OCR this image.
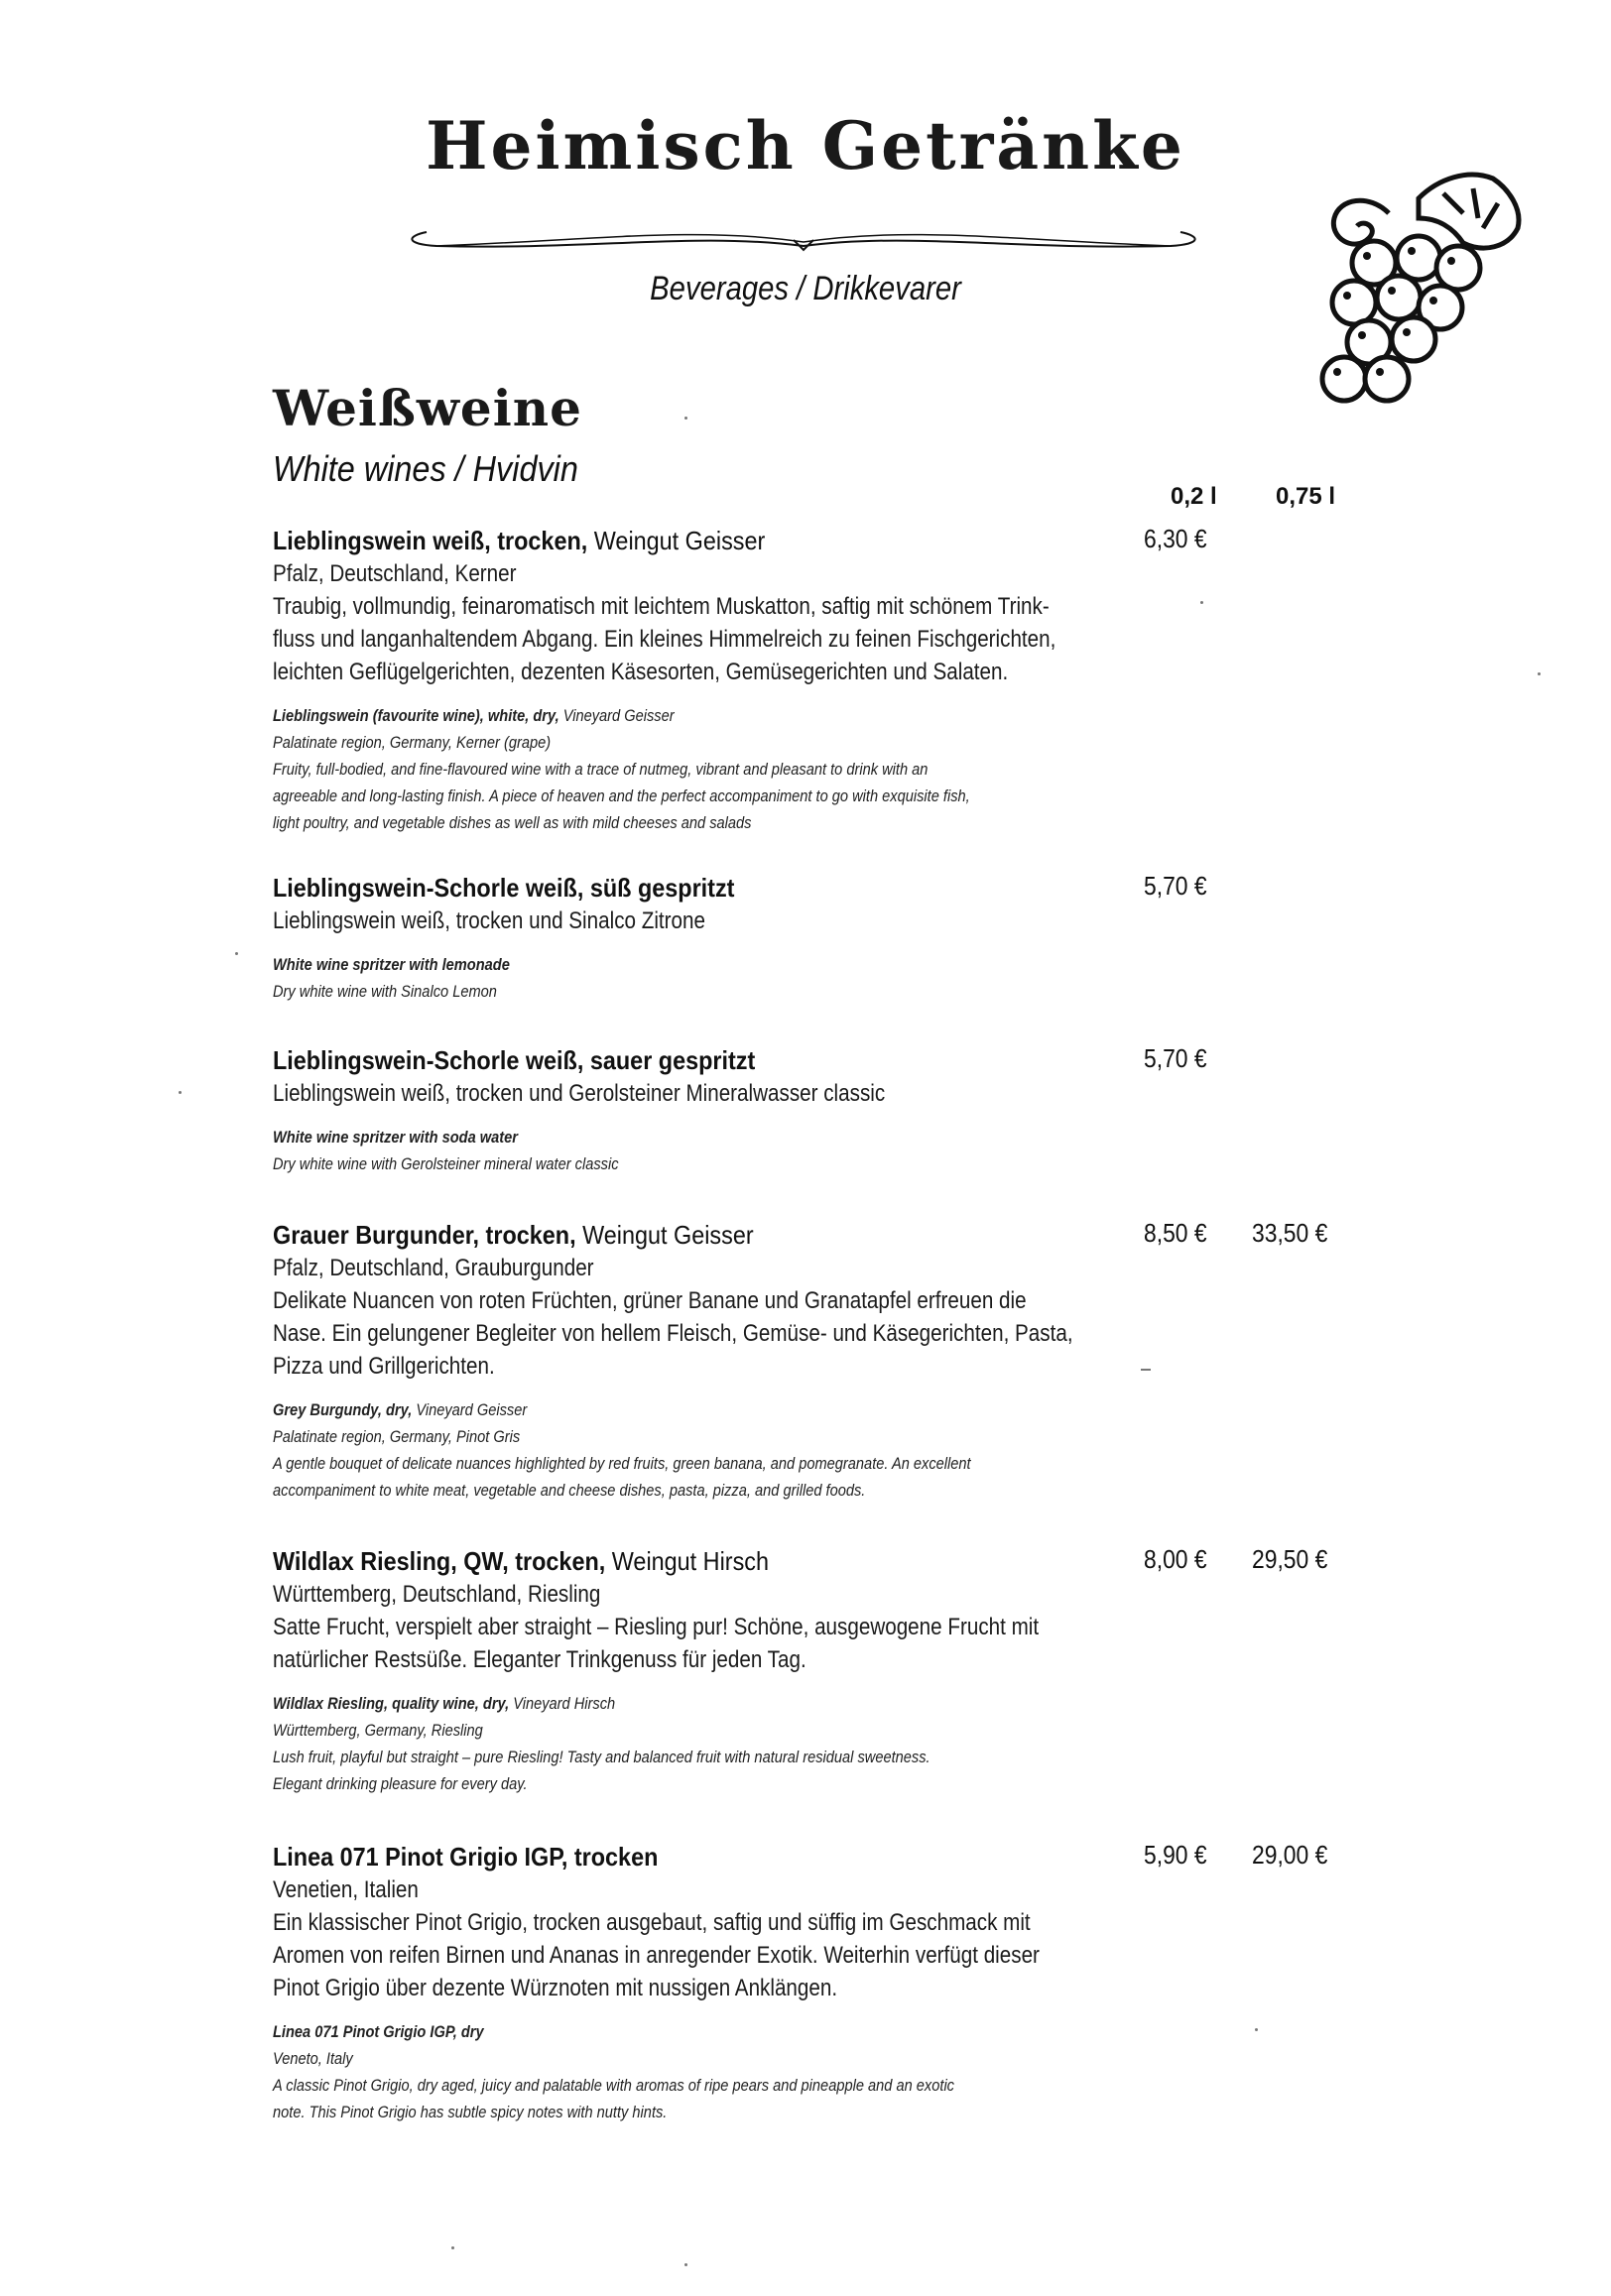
Heimisch Getränke
Beverages / Drikkevarer
Weißweine
White wines / Hvidvin
0,2 l 0,75 l
Lieblingswein weiß, trocken, Weingut Geisser
Pfalz, Deutschland, Kerner
Traubig, vollmundig, feinaromatisch mit leichtem Muskatton, saftig mit schönem Trink-
fluss und langanhaltendem Abgang. Ein kleines Himmelreich zu feinen Fischgerichten,
leichten Geflügelgerichten, dezenten Käsesorten, Gemüsegerichten und Salaten.
Lieblingswein (favourite wine), white, dry, Vineyard Geisser
Palatinate region, Germany, Kerner (grape)
Fruity, full-bodied, and fine-flavoured wine with a trace of nutmeg, vibrant and pleasant to drink with an
agreeable and long-lasting finish. A piece of heaven and the perfect accompaniment to go with exquisite fish,
light poultry, and vegetable dishes as well as with mild cheeses and salads
6,30 €
Lieblingswein-Schorle weiß, süß gespritzt
Lieblingswein weiß, trocken und Sinalco Zitrone
White wine spritzer with lemonade
Dry white wine with Sinalco Lemon
5,70 €
Lieblingswein-Schorle weiß, sauer gespritzt
Lieblingswein weiß, trocken und Gerolsteiner Mineralwasser classic
White wine spritzer with soda water
Dry white wine with Gerolsteiner mineral water classic
5,70 €
Grauer Burgunder, trocken, Weingut Geisser
Pfalz, Deutschland, Grauburgunder
Delikate Nuancen von roten Früchten, grüner Banane und Granatapfel erfreuen die
Nase. Ein gelungener Begleiter von hellem Fleisch, Gemüse- und Käsegerichten, Pasta,
Pizza und Grillgerichten.
Grey Burgundy, dry, Vineyard Geisser
Palatinate region, Germany, Pinot Gris
A gentle bouquet of delicate nuances highlighted by red fruits, green banana, and pomegranate. An excellent
accompaniment to white meat, vegetable and cheese dishes, pasta, pizza, and grilled foods.
8,50 € 33,50 €
Wildlax Riesling, QW, trocken, Weingut Hirsch
Württemberg, Deutschland, Riesling
Satte Frucht, verspielt aber straight – Riesling pur! Schöne, ausgewogene Frucht mit
natürlicher Restsüße. Eleganter Trinkgenuss für jeden Tag.
Wildlax Riesling, quality wine, dry, Vineyard Hirsch
Württemberg, Germany, Riesling
Lush fruit, playful but straight – pure Riesling! Tasty and balanced fruit with natural residual sweetness.
Elegant drinking pleasure for every day.
8,00 € 29,50 €
Linea 071 Pinot Grigio IGP, trocken
Venetien, Italien
Ein klassischer Pinot Grigio, trocken ausgebaut, saftig und süffig im Geschmack mit
Aromen von reifen Birnen und Ananas in anregender Exotik. Weiterhin verfügt dieser
Pinot Grigio über dezente Würznoten mit nussigen Anklängen.
Linea 071 Pinot Grigio IGP, dry
Veneto, Italy
A classic Pinot Grigio, dry aged, juicy and palatable with aromas of ripe pears and pineapple and an exotic
note. This Pinot Grigio has subtle spicy notes with nutty hints.
5,90 € 29,00 €
